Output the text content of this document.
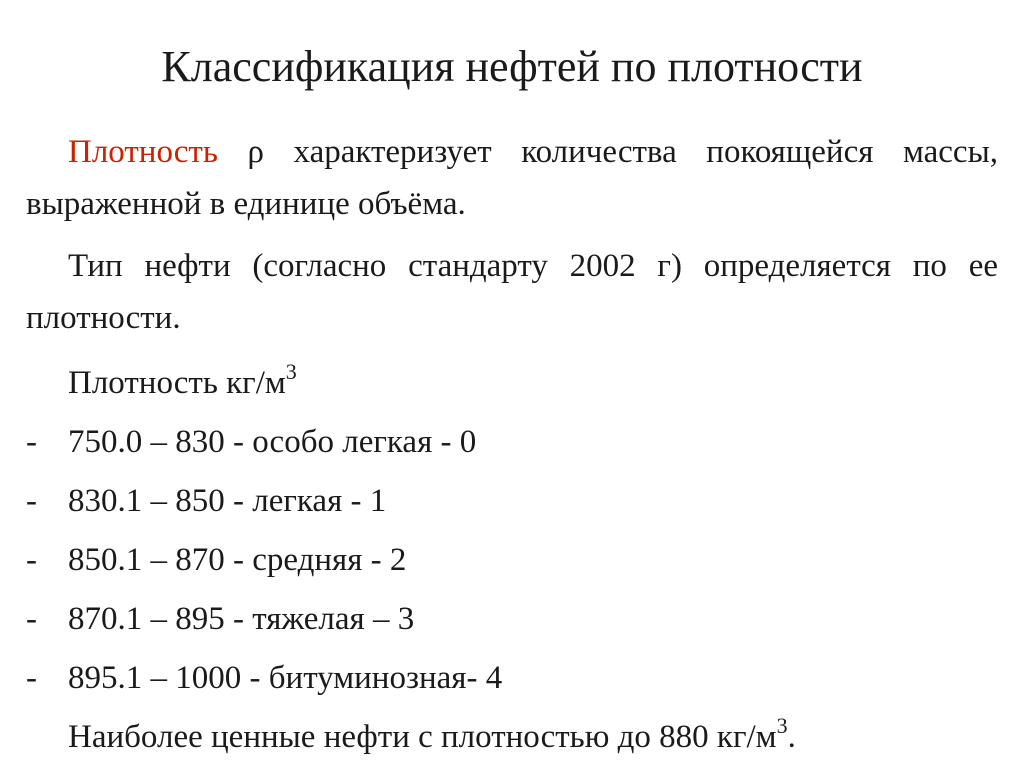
Классификация нефтей по плотности

Плотность ρ характеризует количества покоящейся массы, выраженной в единице объёма.

Тип нефти (согласно стандарту 2002 г) определяется по ее плотности.

Плотность $кг/м^3$

- 750.0 – 830 - особо легкая - 0

- 830.1 – 850 - легкая - 1

- 850.1 – 870 - средняя - 2

- 870.1 – 895 - тяжелая – 3

- 895.1 – 1000 - битуминозная- 4

Наиболее ценные нефти с плотностью до 880 $кг/м^3$.
